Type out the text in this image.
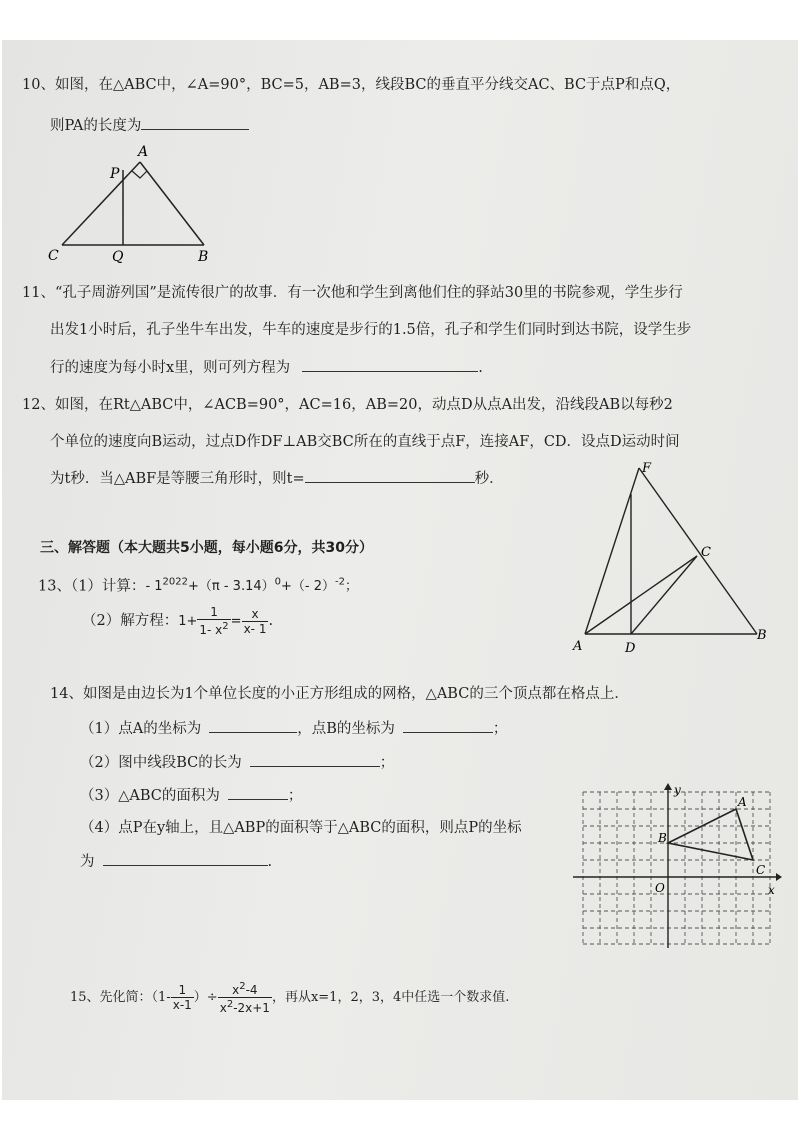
10、如图，在△ABC中，∠A=90°，BC=5，AB=3，线段BC的垂直平分线交AC、BC于点P和点Q，
则PA的长度为
A
P
C	Q	B
11、“孔子周游列国”是流传很广的故事．有一次他和学生到离他们住的驿站30里的书院参观，学生步行
出发1小时后，孔子坐牛车出发，牛车的速度是步行的1.5倍，孔子和学生们同时到达书院，设学生步
行的速度为每小时x里，则可列方程为	.
12、如图，在Rt△ABC中，∠ACB=90°，AC=16，AB=20，动点D从点A出发，沿线段AB以每秒2
个单位的速度向B运动，过点D作DF⊥AB交BC所在的直线于点F，连接AF，CD．设点D运动时间
为t秒．当△ABF是等腰三角形时，则t=	秒．
F
C
A	D
B
三、解答题（本大题共5小题，每小题6分，共30分）
13、（1）计算：- $1^{2022}+(\pi - 3.14)^0+(-$ 2）$^{-2}$；
（2）解方程：$1+ \frac{1}{1- x^2} = \frac{x}{x- 1}$ .
14、如图是由边长为1个单位长度的小正方形组成的网格，△ABC的三个顶点都在格点上．
（1）点A的坐标为	，点B的坐标为	；
（2）图中线段BC的长为	；
（3）△ABC的面积为	；
（4）点P在y轴上，且△ABP的面积等于△ABC的面积，则点P的坐标
为	.
y
x
O
A
B
C
15、先化简：（$1- \frac{1}{x-1}$ ）÷ $\frac{x^2-4}{x^2-2x+1}$ ，再从x=1，2，3，4中任选一个数求值.
